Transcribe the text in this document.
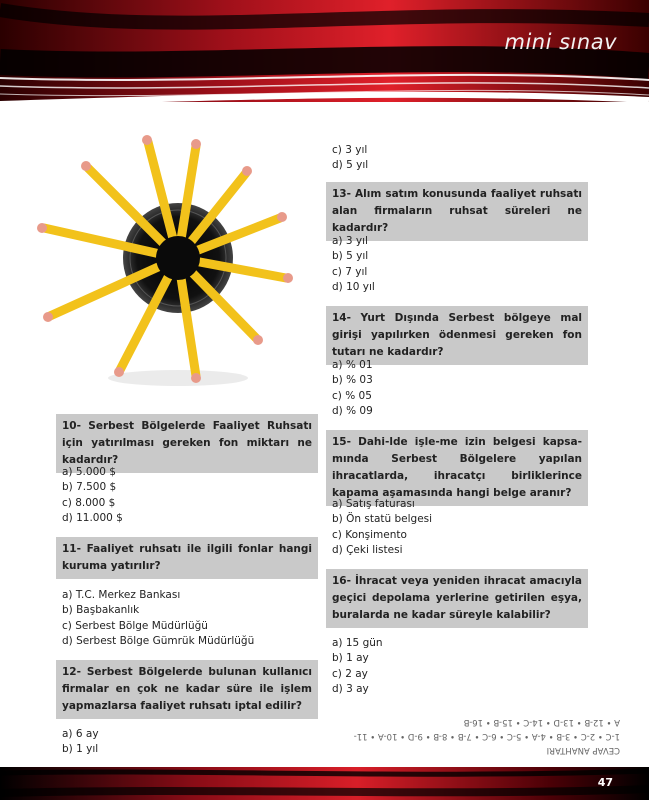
mini sınav
10- Serbest Bölgelerde Faaliyet Ruhsatı için yatırılması gereken fon miktarı ne kadardır?
a) 5.000 $
b) 7.500 $
c) 8.000 $
d) 11.000 $
11- Faaliyet ruhsatı ile ilgili fonlar hangi kuruma yatırılır?
a) T.C. Merkez Bankası
b) Başbakanlık
c) Serbest Bölge Müdürlüğü
d) Serbest Bölge Gümrük Müdürlüğü
12- Serbest Bölgelerde bulunan kullanıcı firmalar en çok ne kadar süre ile işlem yapmazlarsa faaliyet ruhsatı iptal edilir?
a) 6 ay
b) 1 yıl
c) 3 yıl
d) 5 yıl
13- Alım satım konusunda faaliyet ruhsatı alan firmaların ruhsat süreleri ne kadardır?
a) 3 yıl
b) 5 yıl
c) 7 yıl
d) 10 yıl
14- Yurt Dışında Serbest bölgeye mal girişi yapılırken ödenmesi gereken fon tutarı ne kadardır?
a) % 01
b) % 03
c) % 05
d) % 09
15- Dahi-lde işle-me izin belgesi kapsa-mında Serbest Bölgelere yapılan ihracatlarda, ihracatçı birliklerince kapama aşamasında hangi belge aranır?
a) Satış faturası
b) Ön statü belgesi
c) Konşimento
d) Çeki listesi
16- İhracat veya yeniden ihracat amacıyla geçici depolama yerlerine getirilen eşya, buralarda ne kadar süreyle kalabilir?
a) 15 gün
b) 1 ay
c) 2 ay
d) 3 ay
CEVAP ANAHTARI
1-C • 2-C • 3-B • 4-A • 5-C • 6-C • 7-B • 8-B • 9-D • 10-A • 11-
A • 12-B • 13-D • 14-C • 15-B • 16-B
47
